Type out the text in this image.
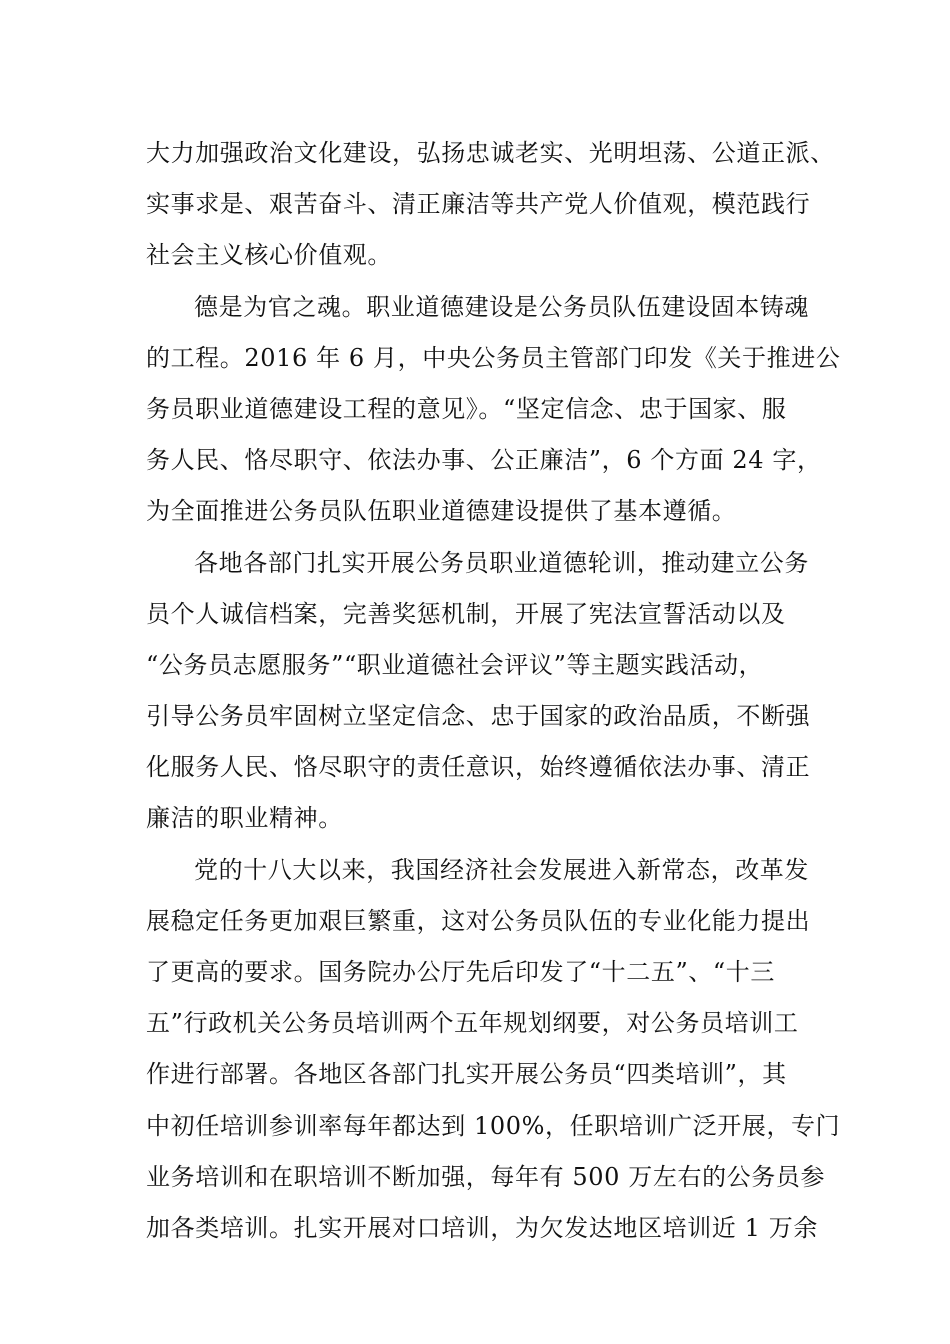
大力加强政治文化建设，弘扬忠诚老实、光明坦荡、公道正派、
实事求是、艰苦奋斗、清正廉洁等共产党人价值观，模范践行
社会主义核心价值观。
德是为官之魂。职业道德建设是公务员队伍建设固本铸魂
的工程。2016 年 6 月，中央公务员主管部门印发《关于推进公
务员职业道德建设工程的意见》。“坚定信念、忠于国家、服
务人民、恪尽职守、依法办事、公正廉洁”，6 个方面 24 字，
为全面推进公务员队伍职业道德建设提供了基本遵循。
各地各部门扎实开展公务员职业道德轮训，推动建立公务
员个人诚信档案，完善奖惩机制，开展了宪法宣誓活动以及
“公务员志愿服务”“职业道德社会评议”等主题实践活动，
引导公务员牢固树立坚定信念、忠于国家的政治品质，不断强
化服务人民、恪尽职守的责任意识，始终遵循依法办事、清正
廉洁的职业精神。
党的十八大以来，我国经济社会发展进入新常态，改革发
展稳定任务更加艰巨繁重，这对公务员队伍的专业化能力提出
了更高的要求。国务院办公厅先后印发了“十二五”、“十三
五”行政机关公务员培训两个五年规划纲要，对公务员培训工
作进行部署。各地区各部门扎实开展公务员“四类培训”，其
中初任培训参训率每年都达到 100%，任职培训广泛开展，专门
业务培训和在职培训不断加强，每年有 500 万左右的公务员参
加各类培训。扎实开展对口培训，为欠发达地区培训近 1 万余
